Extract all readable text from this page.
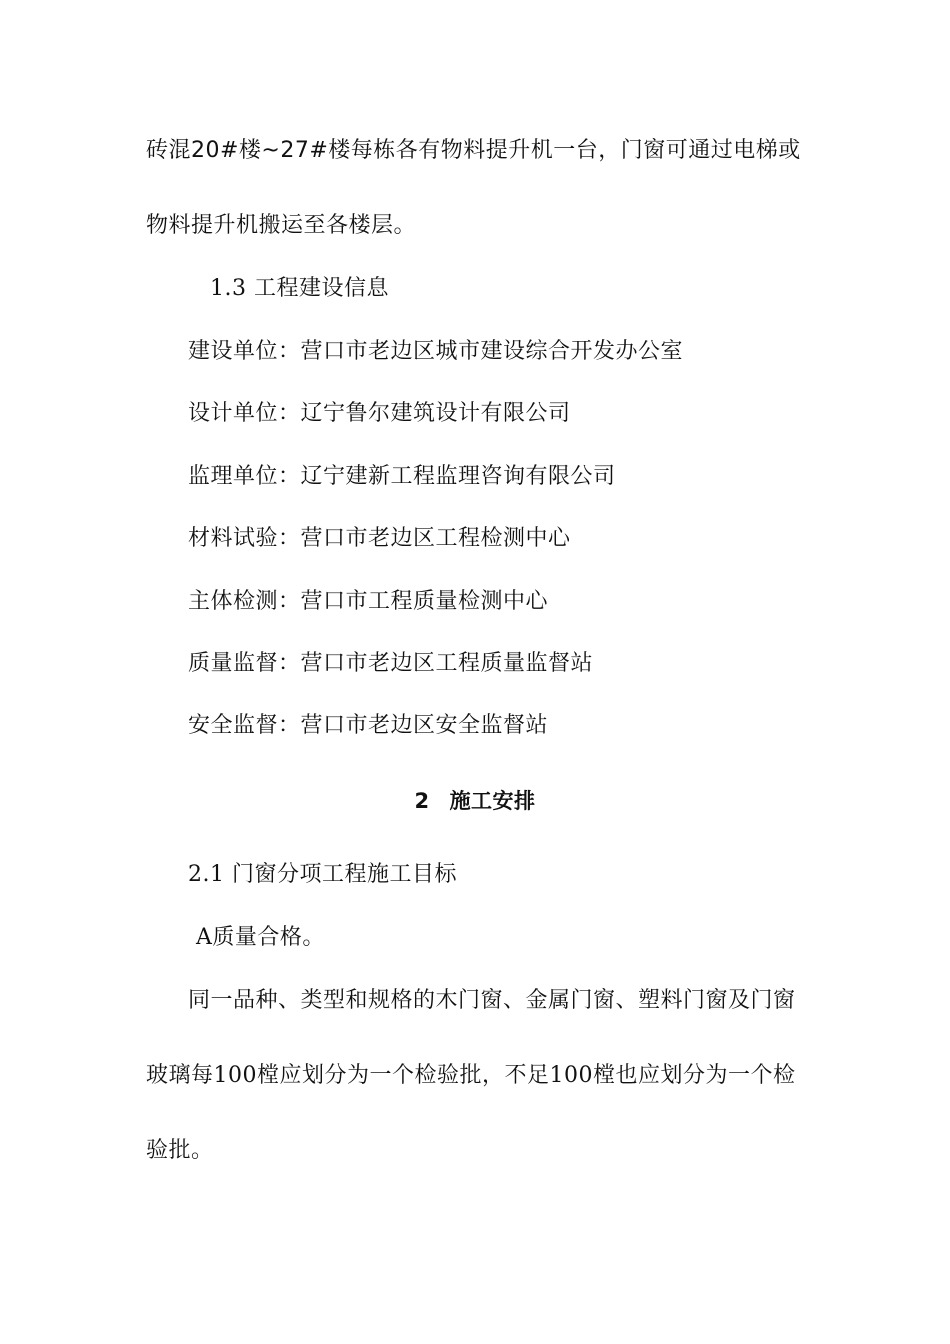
砖混20#楼~27#楼每栋各有物料提升机一台，门窗可通过电梯或
物料提升机搬运至各楼层。
1.3 工程建设信息
建设单位：营口市老边区城市建设综合开发办公室
设计单位：辽宁鲁尔建筑设计有限公司
监理单位：辽宁建新工程监理咨询有限公司
材料试验：营口市老边区工程检测中心
主体检测：营口市工程质量检测中心
质量监督：营口市老边区工程质量监督站
安全监督：营口市老边区安全监督站
2 施工安排
2.1 门窗分项工程施工目标
A质量合格。
同一品种、类型和规格的木门窗、金属门窗、塑料门窗及门窗
玻璃每100樘应划分为一个检验批，不足100樘也应划分为一个检
验批。
